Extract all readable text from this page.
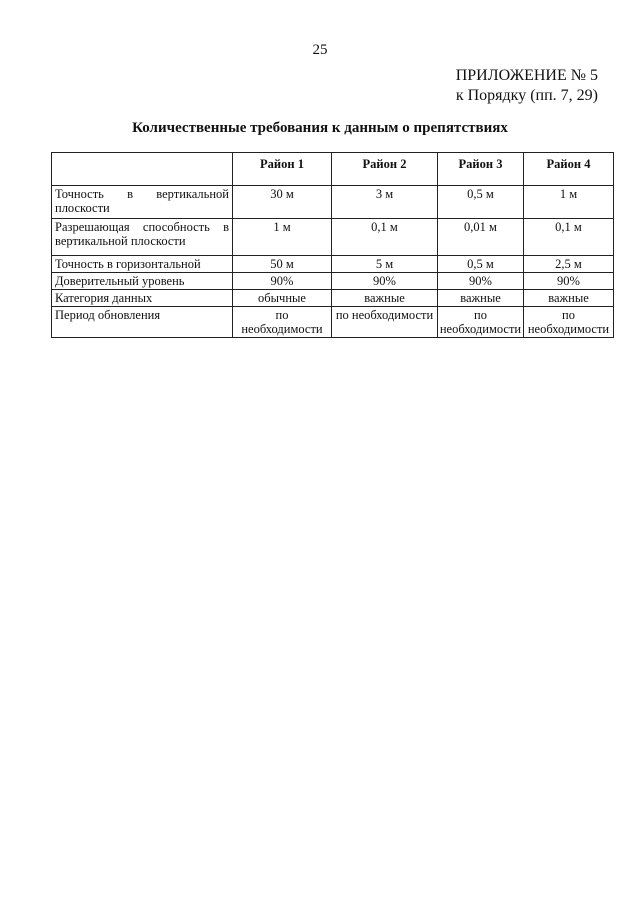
25
ПРИЛОЖЕНИЕ № 5
к Порядку (пп. 7, 29)
Количественные требования к данным о препятствиях
	Район 1	Район 2	Район 3	Район 4
Точность в вертикальной плоскости	30 м	3 м	0,5 м	1 м
Разрешающая способность в вертикальной плоскости	1 м	0,1 м	0,01 м	0,1 м
Точность в горизонтальной	50 м	5 м	0,5 м	2,5 м
Доверительный уровень	90%	90%	90%	90%
Категория данных	обычные	важные	важные	важные
Период обновления	по необходимости	по необходимости	по необходимости	по необходимости
